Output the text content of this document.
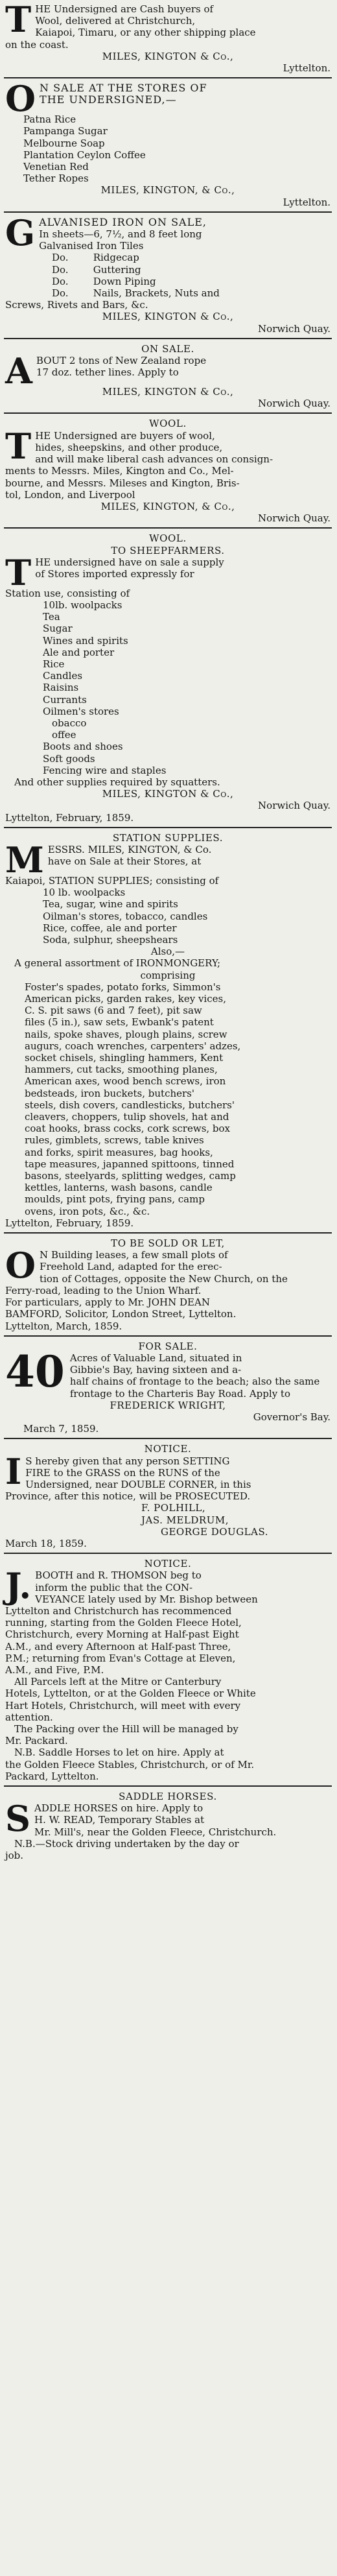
T HE Undersigned are Cash buyers of

Wool, delivered at Christchurch,

Kaiapoi, Timaru, or any other shipping place

on the coast.

MILES, KINGTON & Co.,

Lyttelton.

O N SALE AT THE STORES OF

THE UNDERSIGNED,—

Patna Rice

Pampanga Sugar

Melbourne Soap

Plantation Ceylon Coffee

Venetian Red

Tether Ropes

MILES, KINGTON, & Co.,

Lyttelton.

G ALVANISED IRON ON SALE,

In sheets—6, 7½, and 8 feet long

Galvanised Iron Tiles

Do.	Ridgecap

Do.	Guttering

Do.	Down Piping

Do.	Nails, Brackets, Nuts and

Screws, Rivets and Bars, &c.

MILES, KINGTON & Co.,

Norwich Quay.

ON SALE.

A BOUT 2 tons of New Zealand rope

17 doz. tether lines. Apply to

MILES, KINGTON & Co.,

Norwich Quay.

WOOL.

T HE Undersigned are buyers of wool,

hides, sheepskins, and other produce,

and will make liberal cash advances on consign-

ments to Messrs. Miles, Kington and Co., Mel-

bourne, and Messrs. Mileses and Kington, Bris-

tol, London, and Liverpool

MILES, KINGTON, & Co.,

Norwich Quay.

WOOL.

TO SHEEPFARMERS.

T HE undersigned have on sale a supply

of Stores imported expressly for

Station use, consisting of

10lb. woolpacks

Tea

Sugar

Wines and spirits

Ale and porter

Rice

Candles

Raisins

Currants

Oilmen's stores

obacco

offee

Boots and shoes

Soft goods

Fencing wire and staples

And other supplies required by squatters.

MILES, KINGTON & Co.,

Norwich Quay.

Lyttelton, February, 1859.

STATION SUPPLIES.

M ESSRS. MILES, KINGTON, & Co.

have on Sale at their Stores, at

Kaiapoi, STATION SUPPLIES; consisting of

10 lb. woolpacks

Tea, sugar, wine and spirits

Oilman's stores, tobacco, candles

Rice, coffee, ale and porter

Soda, sulphur, sheepshears

Also,—

A general assortment of IRONMONGERY;

comprising

Foster's spades, potato forks, Simmon's

American picks, garden rakes, key vices,

C. S. pit saws (6 and 7 feet), pit saw

files (5 in.), saw sets, Ewbank's patent

nails, spoke shaves, plough plains, screw

augurs, coach wrenches, carpenters' adzes,

socket chisels, shingling hammers, Kent

hammers, cut tacks, smoothing planes,

American axes, wood bench screws, iron

bedsteads, iron buckets, butchers'

steels, dish covers, candlesticks, butchers'

cleavers, choppers, tulip shovels, hat and

coat hooks, brass cocks, cork screws, box

rules, gimblets, screws, table knives

and forks, spirit measures, bag hooks,

tape measures, japanned spittoons, tinned

basons, steelyards, splitting wedges, camp

kettles, lanterns, wash basons, candle

moulds, pint pots, frying pans, camp

ovens, iron pots, &c., &c.

Lyttelton, February, 1859.

TO BE SOLD OR LET,

O N Building leases, a few small plots of

Freehold Land, adapted for the erec-

tion of Cottages, opposite the New Church, on the

Ferry-road, leading to the Union Wharf.

For particulars, apply to Mr. JOHN DEAN

BAMFORD, Solicitor, London Street, Lyttelton.

Lyttelton, March, 1859.

FOR SALE.

40 Acres of Valuable Land, situated in

Gibbie's Bay, having sixteen and a-

half chains of frontage to the beach; also the same

frontage to the Charteris Bay Road. Apply to

FREDERICK WRIGHT,

Governor's Bay.

March 7, 1859.

NOTICE.

I S hereby given that any person SETTING

FIRE to the GRASS on the RUNS of the

Undersigned, near DOUBLE CORNER, in this

Province, after this notice, will be PROSECUTED.

F. POLHILL,

JAS. MELDRUM,

GEORGE DOUGLAS.

March 18, 1859.

NOTICE.

J. BOOTH and R. THOMSON beg to

inform the public that the CON-

VEYANCE lately used by Mr. Bishop between

Lyttelton and Christchurch has recommenced

running, starting from the Golden Fleece Hotel,

Christchurch, every Morning at Half-past Eight

A.M., and every Afternoon at Half-past Three,

P.M.; returning from Evan's Cottage at Eleven,

A.M., and Five, P.M.

All Parcels left at the Mitre or Canterbury

Hotels, Lyttelton, or at the Golden Fleece or White

Hart Hotels, Christchurch, will meet with every

attention.

The Packing over the Hill will be managed by

Mr. Packard.

N.B. Saddle Horses to let on hire. Apply at

the Golden Fleece Stables, Christchurch, or of Mr.

Packard, Lyttelton.

SADDLE HORSES.

S ADDLE HORSES on hire. Apply to

H. W. READ, Temporary Stables at

Mr. Mill's, near the Golden Fleece, Christchurch.

N.B.—Stock driving undertaken by the day or

job.
